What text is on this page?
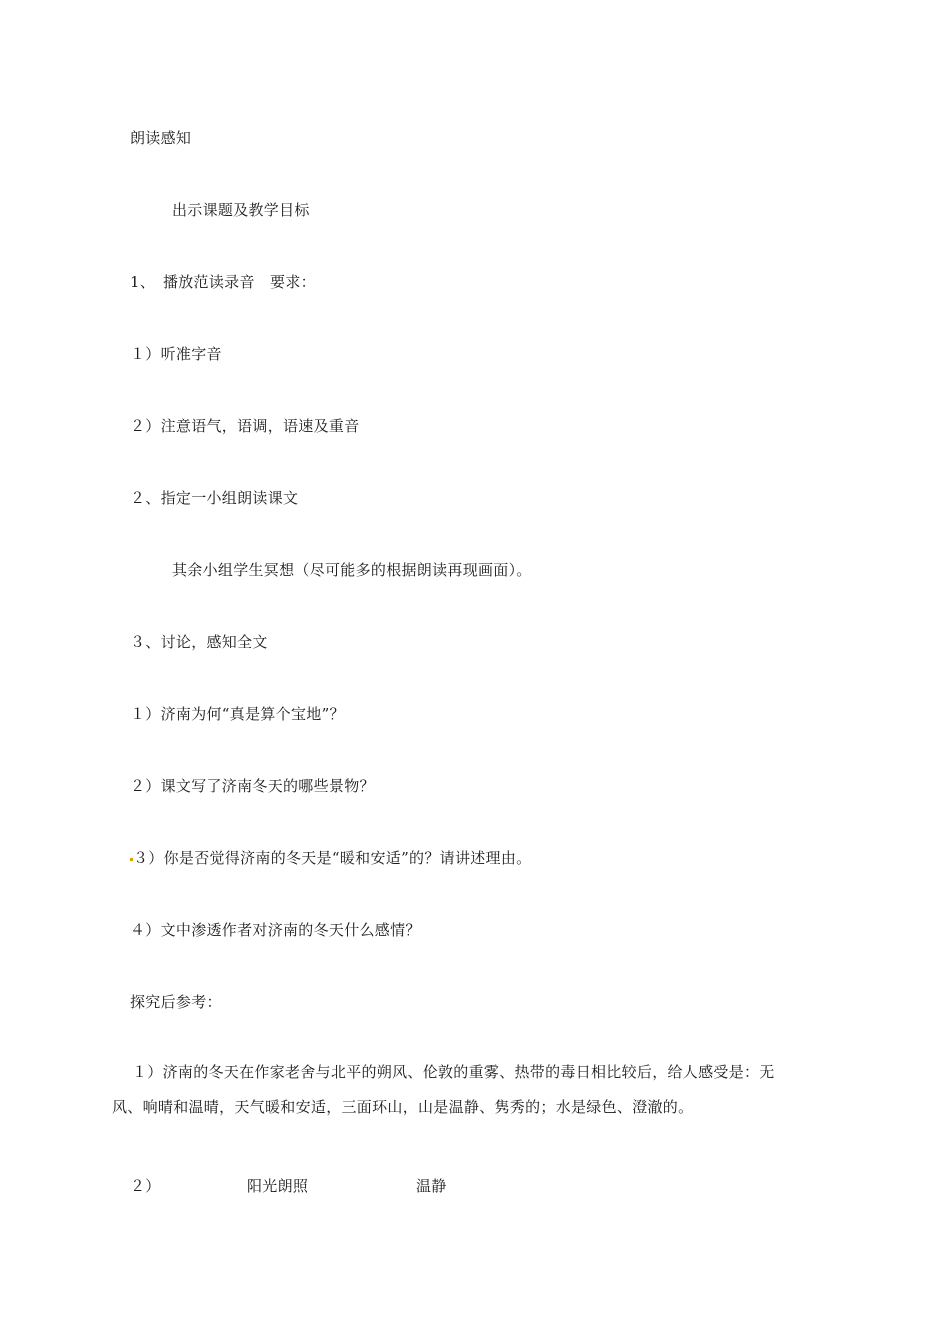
朗读感知
出示课题及教学目标
1、　播放范读录音　要求：
１）听准字音
２）注意语气，语调，语速及重音
２、指定一小组朗读课文
其余小组学生冥想（尽可能多的根据朗读再现画面）。
３、讨论，感知全文
１）济南为何“真是算个宝地”？
２）课文写了济南冬天的哪些景物？
３）你是否觉得济南的冬天是“暖和安适”的？请讲述理由。
４）文中渗透作者对济南的冬天什么感情？
探究后参考：
１）济南的冬天在作家老舍与北平的朔风、伦敦的重雾、热带的毒日相比较后，给人感受是：无
风、响晴和温晴，天气暖和安适，三面环山，山是温静、隽秀的；水是绿色、澄澈的。
２）	阳光朗照	温静
